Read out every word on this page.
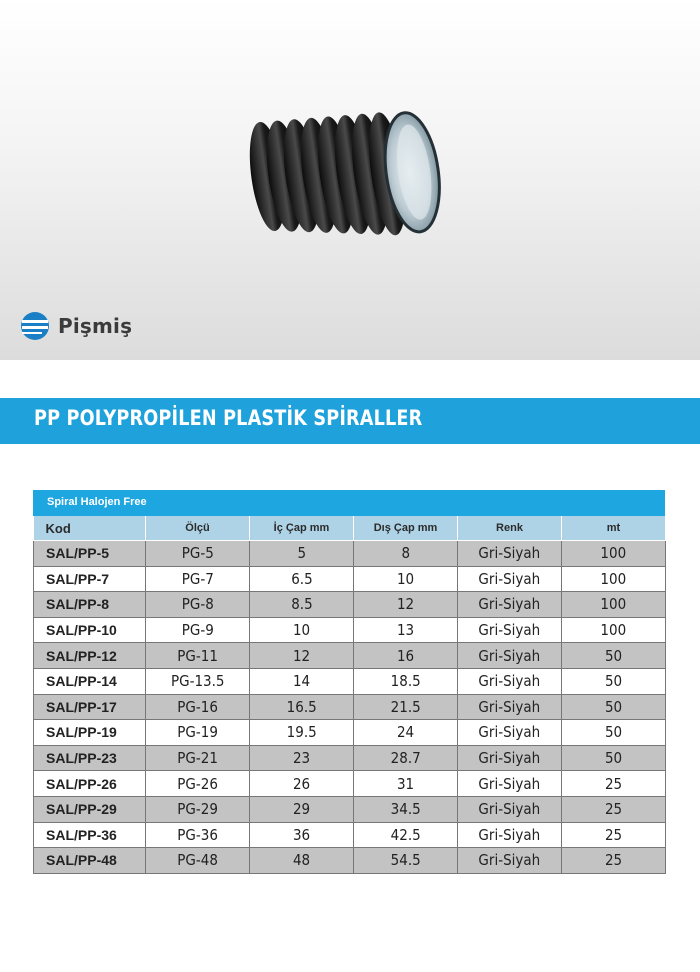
Pişmiş
PP POLYPROPİLEN PLASTİK SPİRALLER
Spiral Halojen Free
Kod	Ölçü	İç Çap mm	Dış Çap mm	Renk	mt
SAL/PP-5	PG-5	5	8	Gri-Siyah	100
SAL/PP-7	PG-7	6.5	10	Gri-Siyah	100
SAL/PP-8	PG-8	8.5	12	Gri-Siyah	100
SAL/PP-10	PG-9	10	13	Gri-Siyah	100
SAL/PP-12	PG-11	12	16	Gri-Siyah	50
SAL/PP-14	PG-13.5	14	18.5	Gri-Siyah	50
SAL/PP-17	PG-16	16.5	21.5	Gri-Siyah	50
SAL/PP-19	PG-19	19.5	24	Gri-Siyah	50
SAL/PP-23	PG-21	23	28.7	Gri-Siyah	50
SAL/PP-26	PG-26	26	31	Gri-Siyah	25
SAL/PP-29	PG-29	29	34.5	Gri-Siyah	25
SAL/PP-36	PG-36	36	42.5	Gri-Siyah	25
SAL/PP-48	PG-48	48	54.5	Gri-Siyah	25
